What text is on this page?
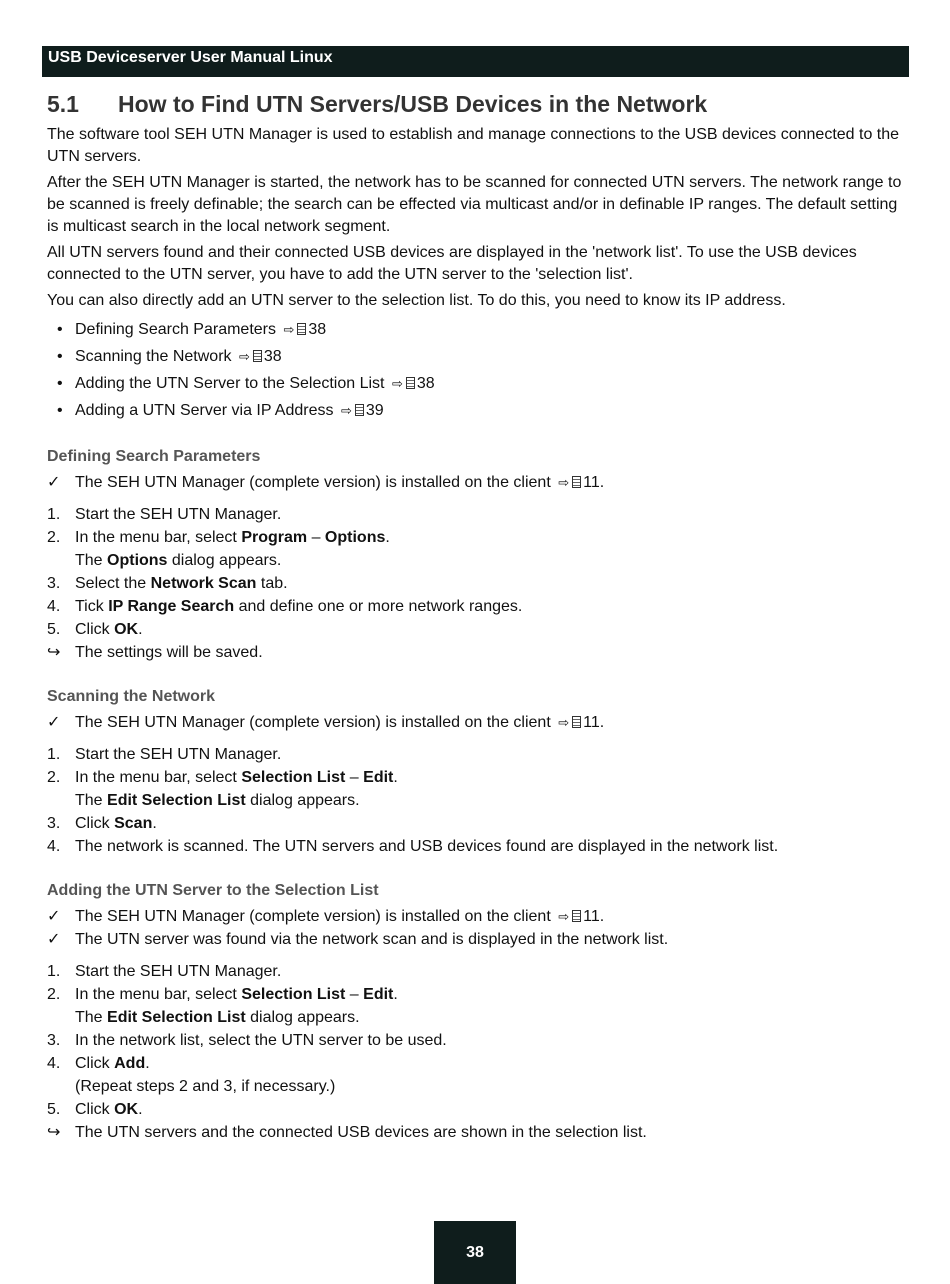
USB Deviceserver User Manual Linux
5.1	How to Find UTN Servers/USB Devices in the Network

The software tool SEH UTN Manager is used to establish and manage connections to the USB devices connected to the UTN servers.

After the SEH UTN Manager is started, the network has to be scanned for connected UTN servers. The network range to be scanned is freely definable; the search can be effected via multicast and/or in definable IP ranges. The default setting is multicast search in the local network segment.

All UTN servers found and their connected USB devices are displayed in the 'network list'. To use the USB devices connected to the UTN server, you have to add the UTN server to the 'selection list'.

You can also directly add an UTN server to the selection list. To do this, you need to know its IP address.

• Defining Search Parameters ⇨ 38
• Scanning the Network ⇨ 38
• Adding the UTN Server to the Selection List ⇨ 38
• Adding a UTN Server via IP Address ⇨ 39
Defining Search Parameters
✓ The SEH UTN Manager (complete version) is installed on the client ⇨ 11.
1. Start the SEH UTN Manager.
2. In the menu bar, select Program – Options.
The Options dialog appears.
3. Select the Network Scan tab.
4. Tick IP Range Search and define one or more network ranges.
5. Click OK.
↪ The settings will be saved.
Scanning the Network
✓ The SEH UTN Manager (complete version) is installed on the client ⇨ 11.
1. Start the SEH UTN Manager.
2. In the menu bar, select Selection List – Edit.
The Edit Selection List dialog appears.
3. Click Scan.
4. The network is scanned. The UTN servers and USB devices found are displayed in the network list.
Adding the UTN Server to the Selection List
✓ The SEH UTN Manager (complete version) is installed on the client ⇨ 11.
✓ The UTN server was found via the network scan and is displayed in the network list.
1. Start the SEH UTN Manager.
2. In the menu bar, select Selection List – Edit.
The Edit Selection List dialog appears.
3. In the network list, select the UTN server to be used.
4. Click Add.
(Repeat steps 2 and 3, if necessary.)
5. Click OK.
↪ The UTN servers and the connected USB devices are shown in the selection list.
38
